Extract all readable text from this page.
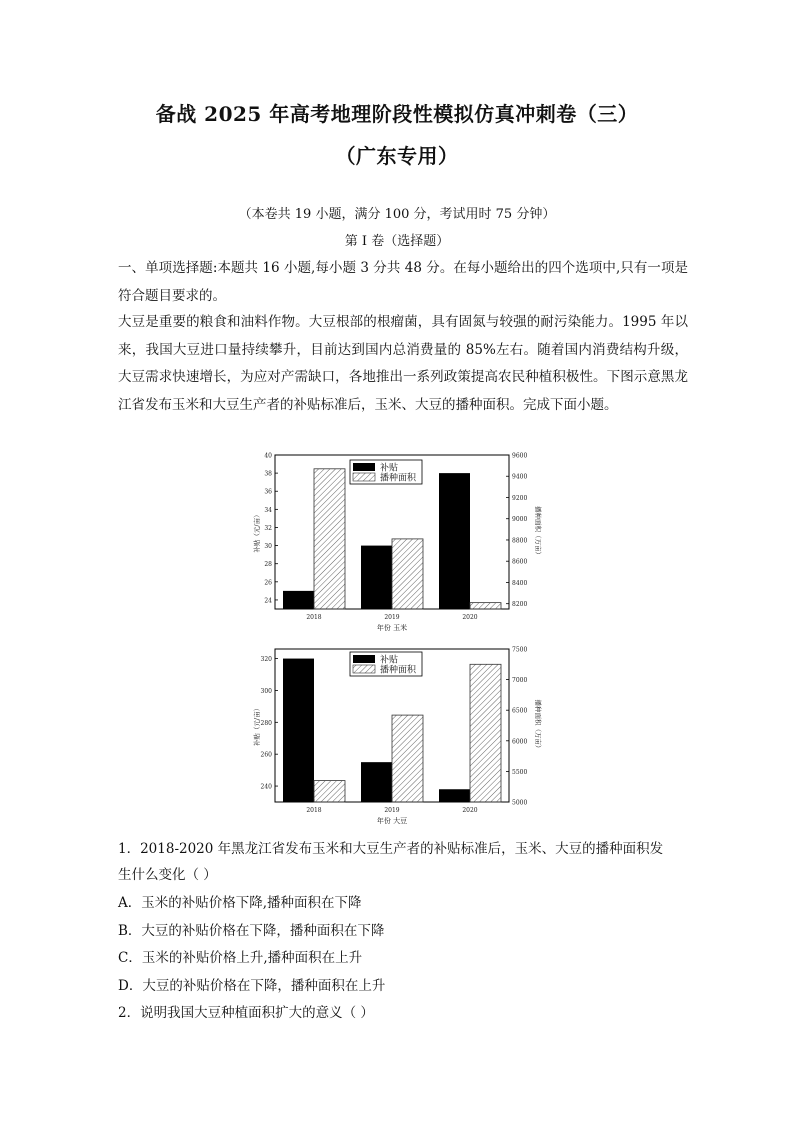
备战 2025 年高考地理阶段性模拟仿真冲刺卷（三）
（广东专用）
（本卷共 19 小题，满分 100 分，考试用时 75 分钟）
第 I 卷（选择题）
一、单项选择题:本题共 16 小题,每小题 3 分共 48 分。在每小题给出的四个选项中,只有一项是符合题目要求的。
大豆是重要的粮食和油料作物。大豆根部的根瘤菌，具有固氮与较强的耐污染能力。1995 年以来，我国大豆进口量持续攀升，目前达到国内总消费量的 85%左右。随着国内消费结构升级，大豆需求快速增长，为应对产需缺口，各地推出一系列政策提高农民种植积极性。下图示意黑龙江省发布玉米和大豆生产者的补贴标准后，玉米、大豆的播种面积。完成下面小题。
24
26
28
30
32
34
36
38
40
8200
8400
8600
8800
9000
9200
9400
9600
2018	2019	2020
补贴
播种面积
补贴（元/亩）	播种面积（万亩）
年份 玉米
240
260
280
300
320
5000
5500
6000
6500
7000
7500
2018	2019	2020
补贴
播种面积
补贴（元/亩）	播种面积（万亩）
年份 大豆
1．2018-2020 年黑龙江省发布玉米和大豆生产者的补贴标准后，玉米、大豆的播种面积发
生什么变化（ ）
A．玉米的补贴价格下降,播种面积在下降
B．大豆的补贴价格在下降，播种面积在下降
C．玉米的补贴价格上升,播种面积在上升
D．大豆的补贴价格在下降，播种面积在上升
2．说明我国大豆种植面积扩大的意义（ ）
